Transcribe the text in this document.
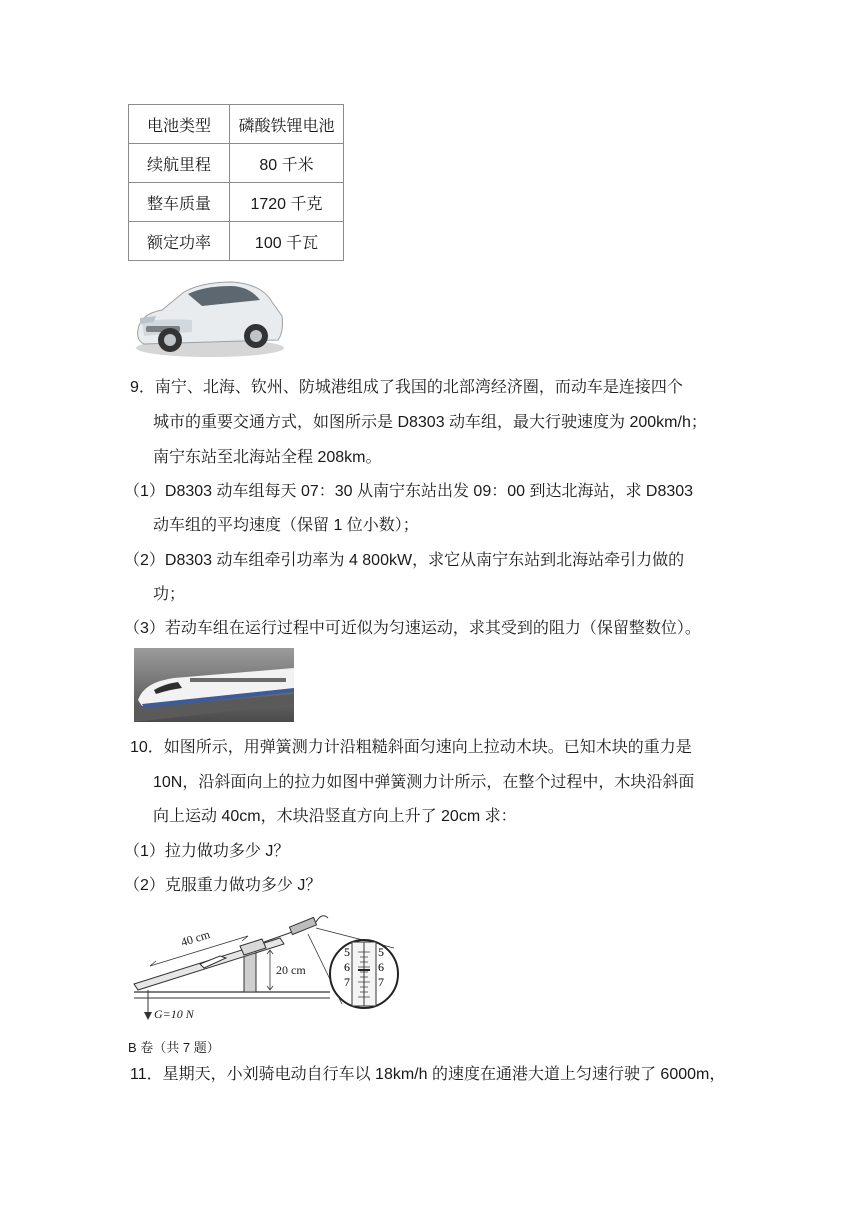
电池类型	磷酸铁锂电池
续航里程	80 千米
整车质量	1720 千克
额定功率	100 千瓦
9．南宁、北海、钦州、防城港组成了我国的北部湾经济圈，而动车是连接四个
城市的重要交通方式，如图所示是 D8303 动车组，最大行驶速度为 200km/h；
南宁东站至北海站全程 208km。
（1）D8303 动车组每天 07：30 从南宁东站出发 09：00 到达北海站，求 D8303
动车组的平均速度（保留 1 位小数）；
（2）D8303 动车组牵引功率为 4 800kW，求它从南宁东站到北海站牵引力做的
功；
（3）若动车组在运行过程中可近似为匀速运动，求其受到的阻力（保留整数位）。
10．如图所示，用弹簧测力计沿粗糙斜面匀速向上拉动木块。已知木块的重力是
10N，沿斜面向上的拉力如图中弹簧测力计所示，在整个过程中，木块沿斜面
向上运动 40cm，木块沿竖直方向上升了 20cm 求：
（1）拉力做功多少 J？
（2）克服重力做功多少 J？
40 cm
20 cm
G=10 N
5
6
7
5
6
7
B 卷（共 7 题）
11．星期天，小刘骑电动自行车以 18km/h 的速度在通港大道上匀速行驶了 6000m，
